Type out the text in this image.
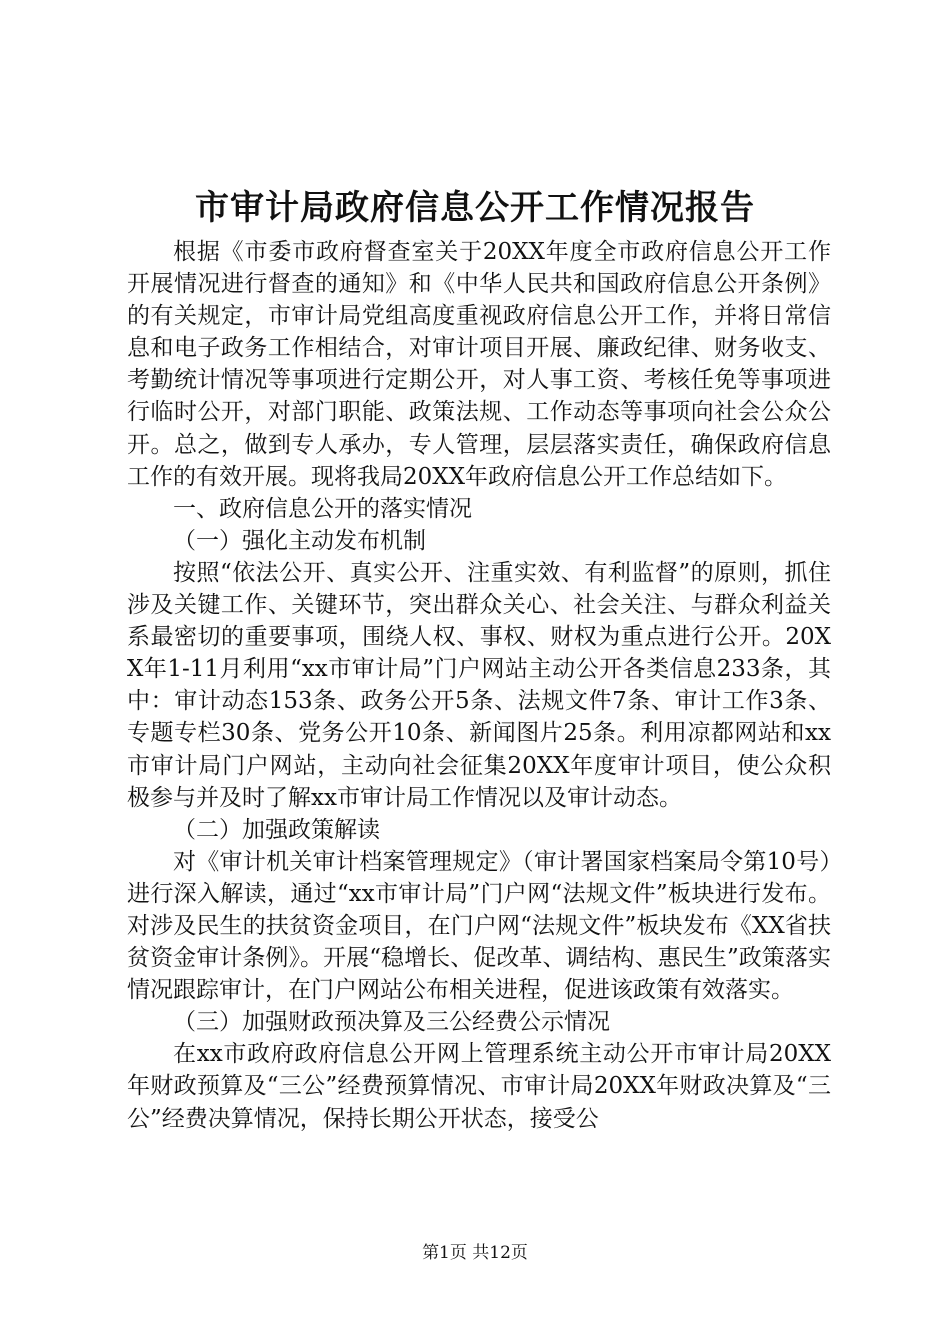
市审计局政府信息公开工作情况报告

根据《市委市政府督查室关于20XX年度全市政府信息公开工作开展情况进行督查的通知》和《中华人民共和国政府信息公开条例》的有关规定，市审计局党组高度重视政府信息公开工作，并将日常信息和电子政务工作相结合，对审计项目开展、廉政纪律、财务收支、考勤统计情况等事项进行定期公开，对人事工资、考核任免等事项进行临时公开，对部门职能、政策法规、工作动态等事项向社会公众公开。总之，做到专人承办，专人管理，层层落实责任，确保政府信息工作的有效开展。现将我局20XX年政府信息公开工作总结如下。

一、政府信息公开的落实情况

（一）强化主动发布机制

按照“依法公开、真实公开、注重实效、有利监督”的原则，抓住涉及关键工作、关键环节，突出群众关心、社会关注、与群众利益关系最密切的重要事项，围绕人权、事权、财权为重点进行公开。20XX年1-11月利用“xx市审计局”门户网站主动公开各类信息233条，其中：审计动态153条、政务公开5条、法规文件7条、审计工作3条、专题专栏30条、党务公开10条、新闻图片25条。利用凉都网站和xx市审计局门户网站，主动向社会征集20XX年度审计项目，使公众积极参与并及时了解xx市审计局工作情况以及审计动态。

（二）加强政策解读

对《审计机关审计档案管理规定》（审计署国家档案局令第10号）进行深入解读，通过“xx市审计局”门户网“法规文件”板块进行发布。对涉及民生的扶贫资金项目，在门户网“法规文件”板块发布《XX省扶贫资金审计条例》。开展“稳增长、促改革、调结构、惠民生”政策落实情况跟踪审计，在门户网站公布相关进程，促进该政策有效落实。

（三）加强财政预决算及三公经费公示情况

在xx市政府政府信息公开网上管理系统主动公开市审计局20XX年财政预算及“三公”经费预算情况、市审计局20XX年财政决算及“三公”经费决算情况，保持长期公开状态，接受公

第1页 共12页
